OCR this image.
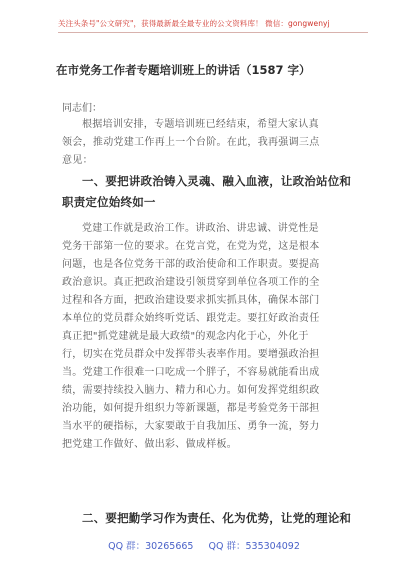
关注头条号"公文研究"，获得最新最全最专业的公文资料库！ 微信：gongwenyj
在市党务工作者专题培训班上的讲话（1587 字）
同志们：
根据培训安排，专题培训班已经结束，希望大家认真
领会，推动党建工作再上一个台阶。在此，我再强调三点
意见：
一、要把讲政治铸入灵魂、融入血液，让政治站位和
职责定位始终如一
党建工作就是政治工作。讲政治、讲忠诚、讲党性是
党务干部第一位的要求。在党言党，在党为党，这是根本
问题，也是各位党务干部的政治使命和工作职责。要提高
政治意识。真正把政治建设引领贯穿到单位各项工作的全
过程和各方面，把政治建设要求抓实抓具体，确保本部门
本单位的党员群众始终听党话、跟党走。要扛好政治责任
真正把"抓党建就是最大政绩"的观念内化于心，外化于
行，切实在党员群众中发挥带头表率作用。要增强政治担
当。党建工作很难一口吃成一个胖子，不容易就能看出成
绩，需要持续投入脑力、精力和心力。如何发挥党组织政
治功能，如何提升组织力等新课题，都是考验党务干部担
当水平的硬指标，大家要敢于自我加压、勇争一流，努力
把党建工作做好、做出彩、做成样板。
二、要把勤学习作为责任、化为优势，让党的理论和
QQ 群：30265665 QQ 群：535304092
